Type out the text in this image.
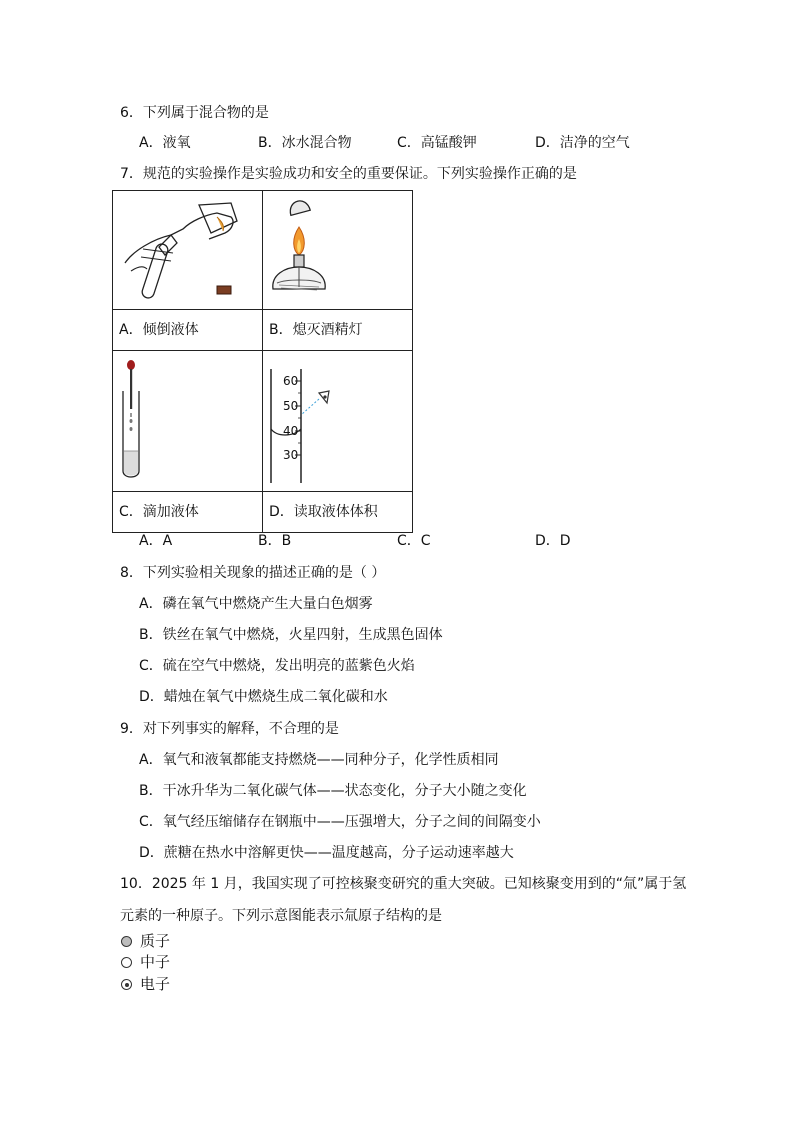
6．下列属于混合物的是
A．液氧	B．冰水混合物	C．高锰酸钾	D．洁净的空气
7．规范的实验操作是实验成功和安全的重要保证。下列实验操作正确的是

A．倾倒液体	B．熄灭酒精灯

60
50
40
30

C．滴加液体	D．读取液体体积
A．A	B．B	C．C	D．D
8．下列实验相关现象的描述正确的是（ ）
A．磷在氧气中燃烧产生大量白色烟雾
B．铁丝在氧气中燃烧，火星四射，生成黑色固体
C．硫在空气中燃烧，发出明亮的蓝紫色火焰
D．蜡烛在氧气中燃烧生成二氧化碳和水
9．对下列事实的解释，不合理的是
A．氧气和液氧都能支持燃烧——同种分子，化学性质相同
B．干冰升华为二氧化碳气体——状态变化，分子大小随之变化
C．氧气经压缩储存在钢瓶中——压强增大，分子之间的间隔变小
D．蔗糖在热水中溶解更快——温度越高，分子运动速率越大
10．2025 年 1 月，我国实现了可控核聚变研究的重大突破。已知核聚变用到的“氚”属于氢
元素的一种原子。下列示意图能表示氚原子结构的是
质子
中子
电子
